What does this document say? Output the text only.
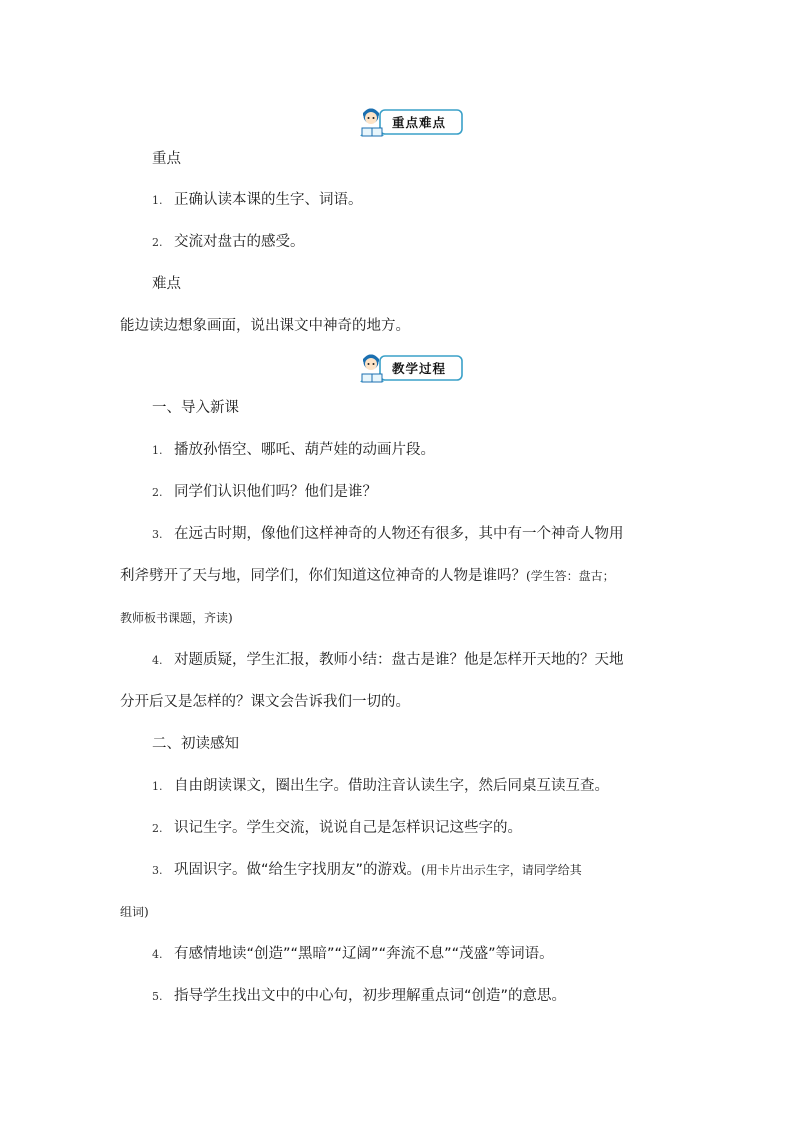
重点难点
重点
1. 正确认读本课的生字、词语。
2. 交流对盘古的感受。
难点
能边读边想象画面，说出课文中神奇的地方。
教学过程
一、导入新课
1. 播放孙悟空、哪吒、葫芦娃的动画片段。
2. 同学们认识他们吗？他们是谁？
3. 在远古时期，像他们这样神奇的人物还有很多，其中有一个神奇人物用
利斧劈开了天与地，同学们，你们知道这位神奇的人物是谁吗？(学生答：盘古；
教师板书课题，齐读)
4. 对题质疑，学生汇报，教师小结：盘古是谁？他是怎样开天地的？天地
分开后又是怎样的？课文会告诉我们一切的。
二、初读感知
1. 自由朗读课文，圈出生字。借助注音认读生字，然后同桌互读互查。
2. 识记生字。学生交流，说说自己是怎样识记这些字的。
3. 巩固识字。做“给生字找朋友”的游戏。(用卡片出示生字，请同学给其
组词)
4. 有感情地读“创造”“黑暗”“辽阔”“奔流不息”“茂盛”等词语。
5. 指导学生找出文中的中心句，初步理解重点词“创造”的意思。
